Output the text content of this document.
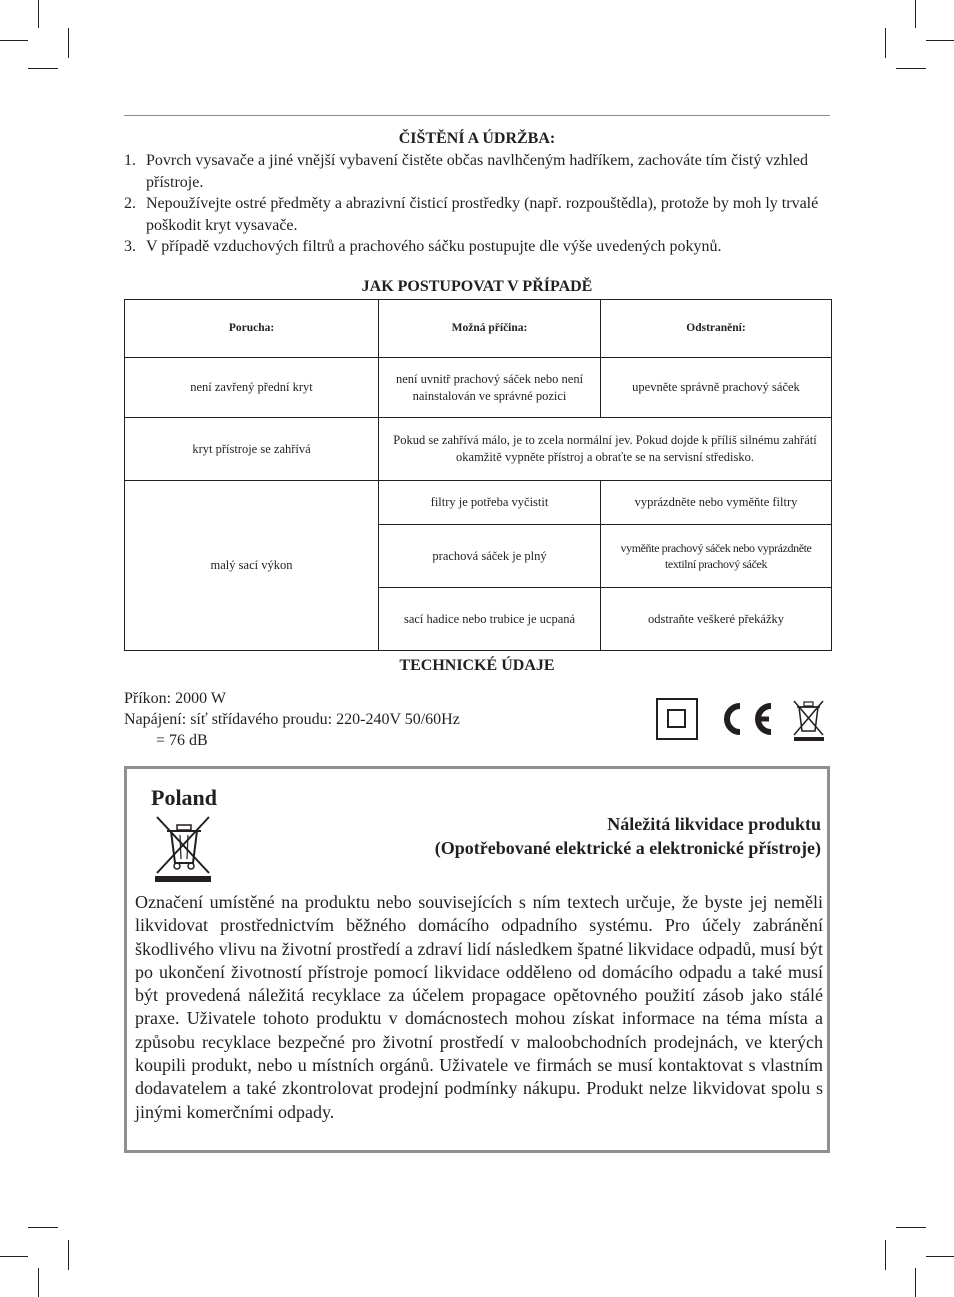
ČIŠTĚNÍ A ÚDRŽBA:
1. Povrch vysavače a jiné vnější vybavení čistěte občas navlhčeným hadříkem, zachováte tím čistý vzhled přístroje.
2. Nepoužívejte ostré předměty a abrazivní čisticí prostředky (např. rozpouštědla), protože by moh ly trvalé poškodit kryt vysavače.
3. V případě vzduchových filtrů a prachového sáčku postupujte dle výše uvedených pokynů.
JAK POSTUPOVAT V PŘÍPADĚ
Porucha:	Možná příčina:	Odstranění:
není zavřený přední kryt	není uvnitř prachový sáček nebo není nainstalován ve správné pozici	upevněte správně prachový sáček
kryt přístroje se zahřívá	Pokud se zahřívá málo, je to zcela normální jev. Pokud dojde k příliš silnému zahřátí okamžitě vypněte přístroj a obraťte se na servisní středisko.	
malý sací výkon	filtry je potřeba vyčistit	vyprázdněte nebo vyměňte filtry
	prachová sáček je plný	vyměňte prachový sáček nebo vyprázdněte textilní prachový sáček
	sací hadice nebo trubice je ucpaná	odstraňte veškeré překážky
TECHNICKÉ ÚDAJE
Příkon: 2000 W
Napájení: síť střídavého proudu: 220-240V 50/60Hz
= 76 dB
Poland
Náležitá likvidace produktu
(Opotřebované elektrické a elektronické přístroje)

Označení umístěné na produktu nebo souvisejících s ním textech určuje, že byste jej neměli likvidovat prostřednictvím běžného domácího odpadního systému. Pro účely zabránění škodlivého vlivu na životní prostředí a zdraví lidí následkem špatné likvidace odpadů, musí být po ukončení životností přístroje pomocí likvidace odděleno od domácího odpadu a také musí být provedená náležitá recyklace za účelem propagace opětovného použití zásob jako stálé praxe. Uživatele tohoto produktu v domácnostech mohou získat informace na téma místa a způsobu recyklace bezpečné pro životní prostředí v maloobchodních prodejnách, ve kterých koupili produkt, nebo u místních orgánů. Uživatele ve firmách se musí kontaktovat s vlastním dodavatelem a také zkontrolovat prodejní podmínky nákupu. Produkt nelze likvidovat spolu s jinými komerčními odpady.
